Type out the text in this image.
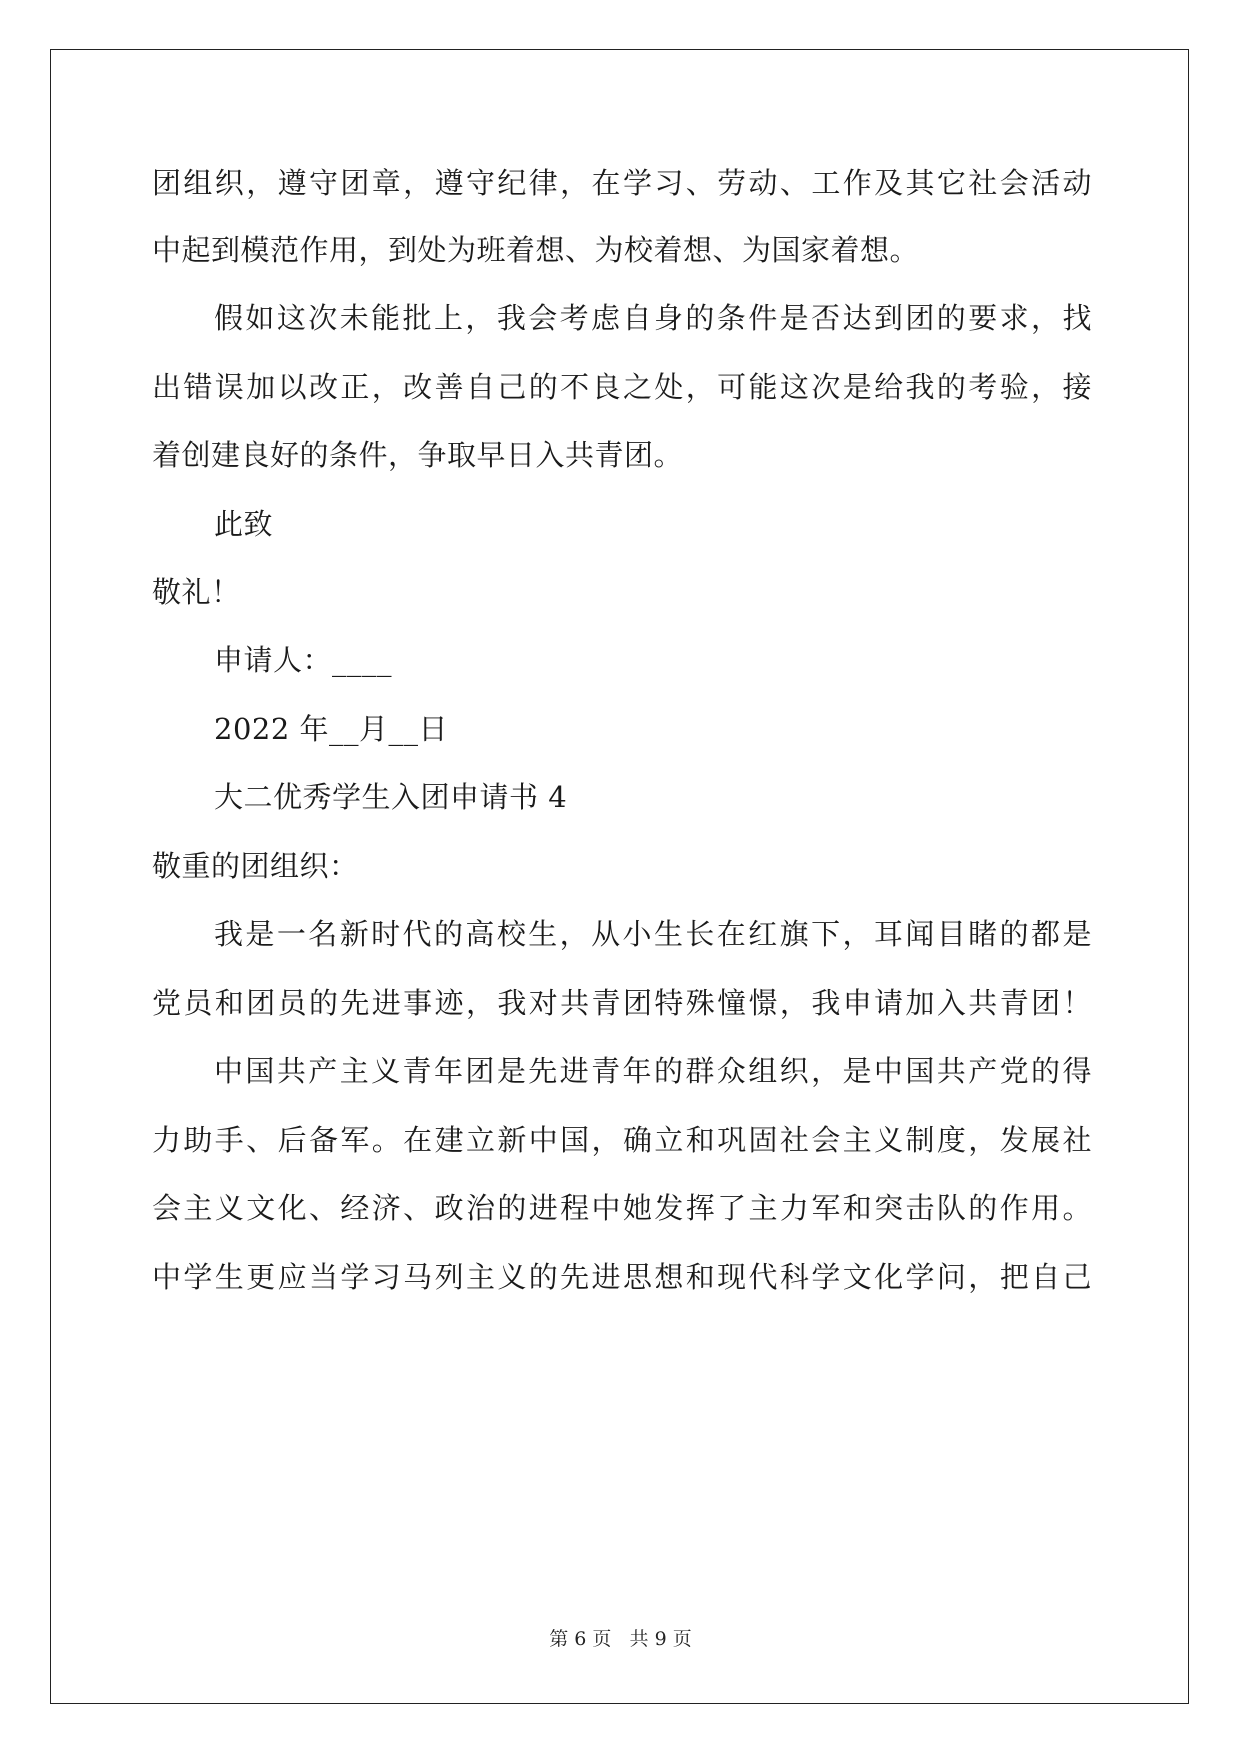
团组织，遵守团章，遵守纪律，在学习、劳动、工作及其它社会活动
中起到模范作用，到处为班着想、为校着想、为国家着想。
假如这次未能批上，我会考虑自身的条件是否达到团的要求，找
出错误加以改正，改善自己的不良之处，可能这次是给我的考验，接
着创建良好的条件，争取早日入共青团。
此致
敬礼！
申请人：____
2022 年__月__日
大二优秀学生入团申请书 4
敬重的团组织：
我是一名新时代的高校生，从小生长在红旗下，耳闻目睹的都是
党员和团员的先进事迹，我对共青团特殊憧憬，我申请加入共青团！
中国共产主义青年团是先进青年的群众组织，是中国共产党的得
力助手、后备军。在建立新中国，确立和巩固社会主义制度，发展社
会主义文化、经济、政治的进程中她发挥了主力军和突击队的作用。
中学生更应当学习马列主义的先进思想和现代科学文化学问，把自己
第 6 页   共 9 页
